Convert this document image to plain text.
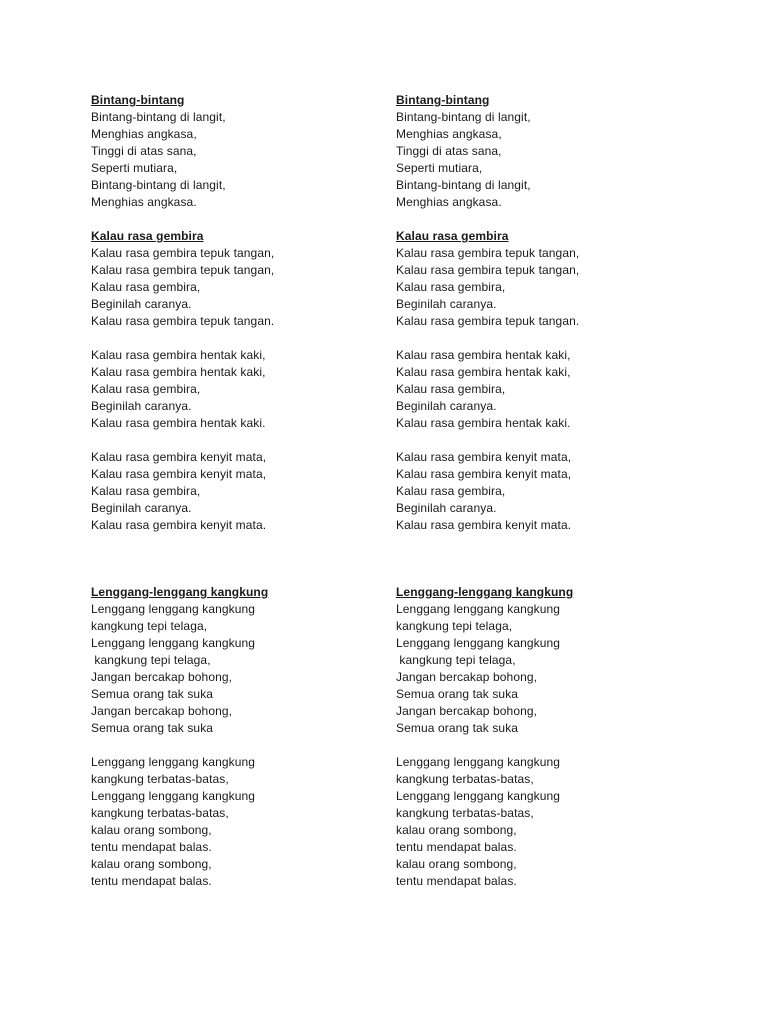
Bintang-bintang
Bintang-bintang di langit,
Menghias angkasa,
Tinggi di atas sana,
Seperti mutiara,
Bintang-bintang di langit,
Menghias angkasa.
Kalau rasa gembira
Kalau rasa gembira tepuk tangan,
Kalau rasa gembira tepuk tangan,
Kalau rasa gembira,
Beginilah caranya.
Kalau rasa gembira tepuk tangan.
Kalau rasa gembira hentak kaki,
Kalau rasa gembira hentak kaki,
Kalau rasa gembira,
Beginilah caranya.
Kalau rasa gembira hentak kaki.
Kalau rasa gembira kenyit mata,
Kalau rasa gembira kenyit mata,
Kalau rasa gembira,
Beginilah caranya.
Kalau rasa gembira kenyit mata.
Lenggang-lenggang kangkung
Lenggang lenggang kangkung
kangkung tepi telaga,
Lenggang lenggang kangkung
kangkung tepi telaga,
Jangan bercakap bohong,
Semua orang tak suka
Jangan bercakap bohong,
Semua orang tak suka
Lenggang lenggang kangkung
kangkung terbatas-batas,
Lenggang lenggang kangkung
kangkung terbatas-batas,
kalau orang sombong,
tentu mendapat balas.
kalau orang sombong,
tentu mendapat balas.
Bintang-bintang
Bintang-bintang di langit,
Menghias angkasa,
Tinggi di atas sana,
Seperti mutiara,
Bintang-bintang di langit,
Menghias angkasa.
Kalau rasa gembira
Kalau rasa gembira tepuk tangan,
Kalau rasa gembira tepuk tangan,
Kalau rasa gembira,
Beginilah caranya.
Kalau rasa gembira tepuk tangan.
Kalau rasa gembira hentak kaki,
Kalau rasa gembira hentak kaki,
Kalau rasa gembira,
Beginilah caranya.
Kalau rasa gembira hentak kaki.
Kalau rasa gembira kenyit mata,
Kalau rasa gembira kenyit mata,
Kalau rasa gembira,
Beginilah caranya.
Kalau rasa gembira kenyit mata.
Lenggang-lenggang kangkung
Lenggang lenggang kangkung
kangkung tepi telaga,
Lenggang lenggang kangkung
kangkung tepi telaga,
Jangan bercakap bohong,
Semua orang tak suka
Jangan bercakap bohong,
Semua orang tak suka
Lenggang lenggang kangkung
kangkung terbatas-batas,
Lenggang lenggang kangkung
kangkung terbatas-batas,
kalau orang sombong,
tentu mendapat balas.
kalau orang sombong,
tentu mendapat balas.
